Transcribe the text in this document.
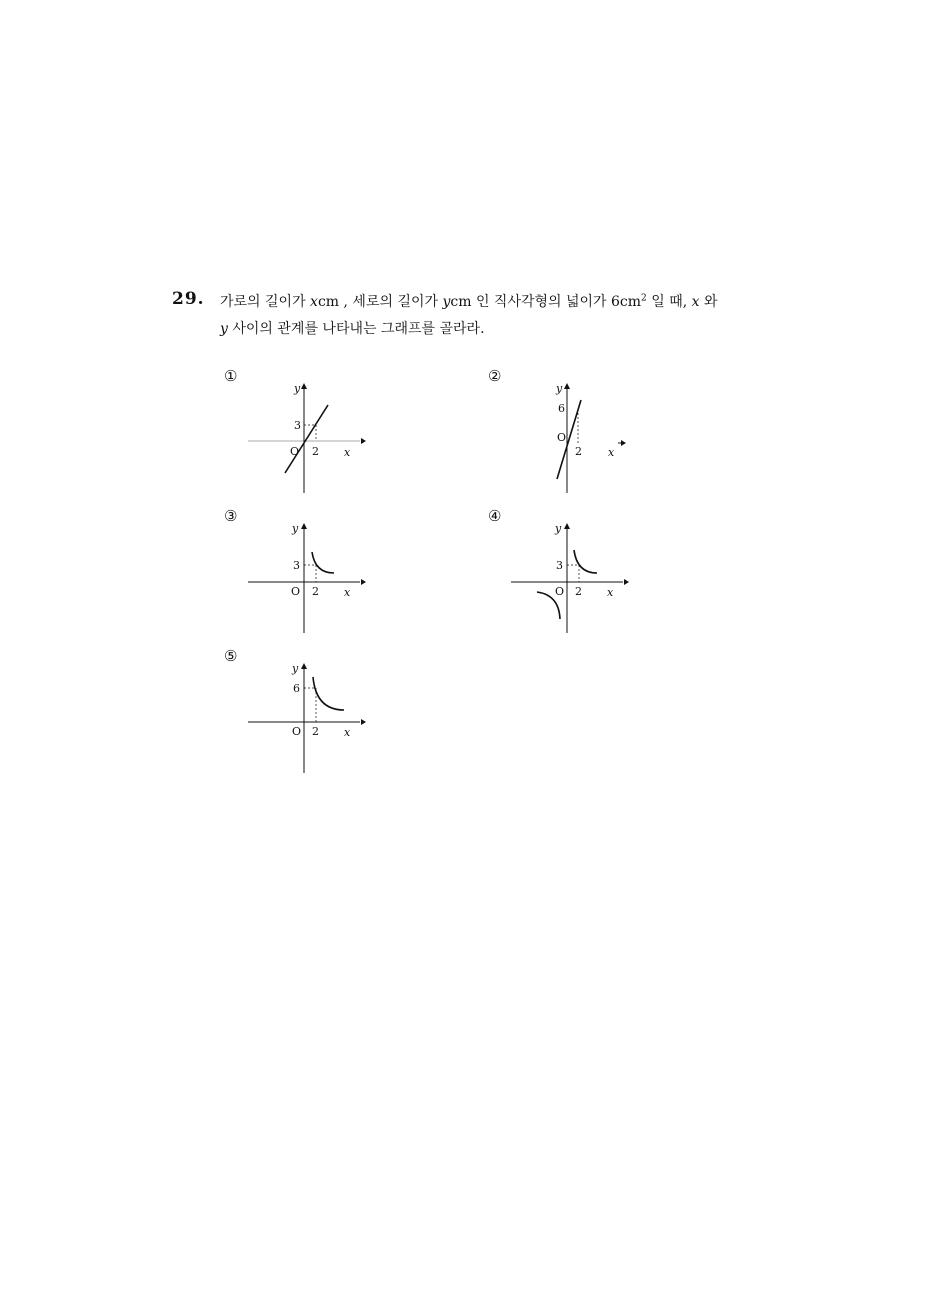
29. 가로의 길이가 xcm , 세로의 길이가 ycm 인 직사각형의 넓이가 $6cm^2$ 일 때, x 와
y 사이의 관계를 나타내는 그래프를 골라라.
①
y
3
O 2 x
②
y
6
O
2 x
③
y
3
O 2 x
④
y
3
O 2 x
⑤
y
6
O 2 x
